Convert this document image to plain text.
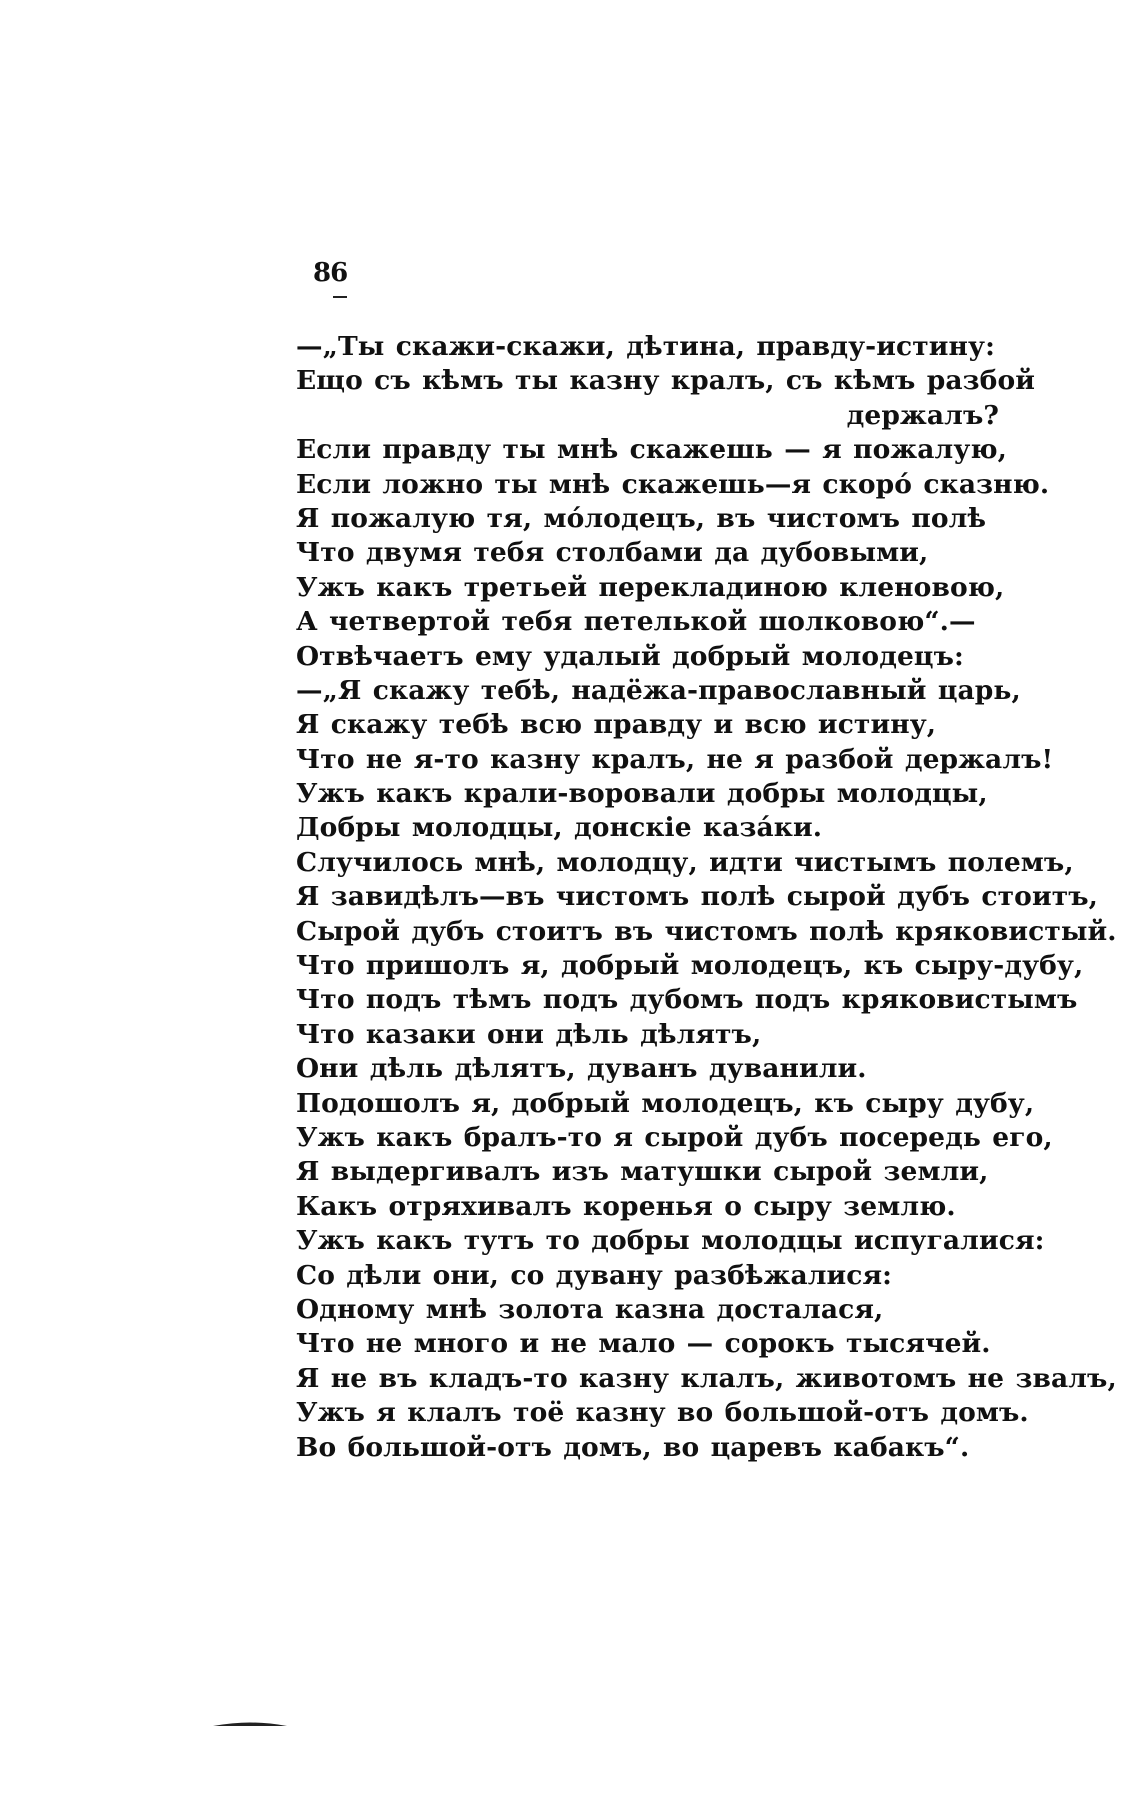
86
—„Ты скажи-скажи, дѣтина, правду-истину:
Ещо съ кѣмъ ты казну кралъ, съ кѣмъ разбой
держалъ?
Если правду ты мнѣ скажешь — я пожалую,
Если ложно ты мнѣ скажешь—я скоро́ сказню.
Я пожалую тя, мо́лодецъ, въ чистомъ полѣ
Что двумя тебя столбами да дубовыми,
Ужъ какъ третьей перекладиною кленовою,
А четвертой тебя петелькой шолковою“.—
Отвѣчаетъ ему удалый добрый молодецъ:
—„Я скажу тебѣ, надёжа-православный царь,
Я скажу тебѣ всю правду и всю истину,
Что не я-то казну кралъ, не я разбой держалъ!
Ужъ какъ крали-воровали добры молодцы,
Добры молодцы, донскіе каза́ки.
Случилось мнѣ, молодцу, идти чистымъ полемъ,
Я завидѣлъ—въ чистомъ полѣ сырой дубъ стоитъ,
Сырой дубъ стоитъ въ чистомъ полѣ кряковистый.
Что пришолъ я, добрый молодецъ, къ сыру-дубу,
Что подъ тѣмъ подъ дубомъ подъ кряковистымъ
Что казаки они дѣль дѣлятъ,
Они дѣль дѣлятъ, дуванъ дуванили.
Подошолъ я, добрый молодецъ, къ сыру дубу,
Ужъ какъ бралъ-то я сырой дубъ посередь его,
Я выдергивалъ изъ матушки сырой земли,
Какъ отряхивалъ коренья о сыру землю.
Ужъ какъ тутъ то добры молодцы испугалися:
Со дѣли они, со дувану разбѣжалися:
Одному мнѣ золота казна досталася,
Что не много и не мало — сорокъ тысячей.
Я не въ кладъ-то казну клалъ, животомъ не звалъ,
Ужъ я клалъ тоё казну во большой-отъ домъ.
Во большой-отъ домъ, во царевъ кабакъ“.
